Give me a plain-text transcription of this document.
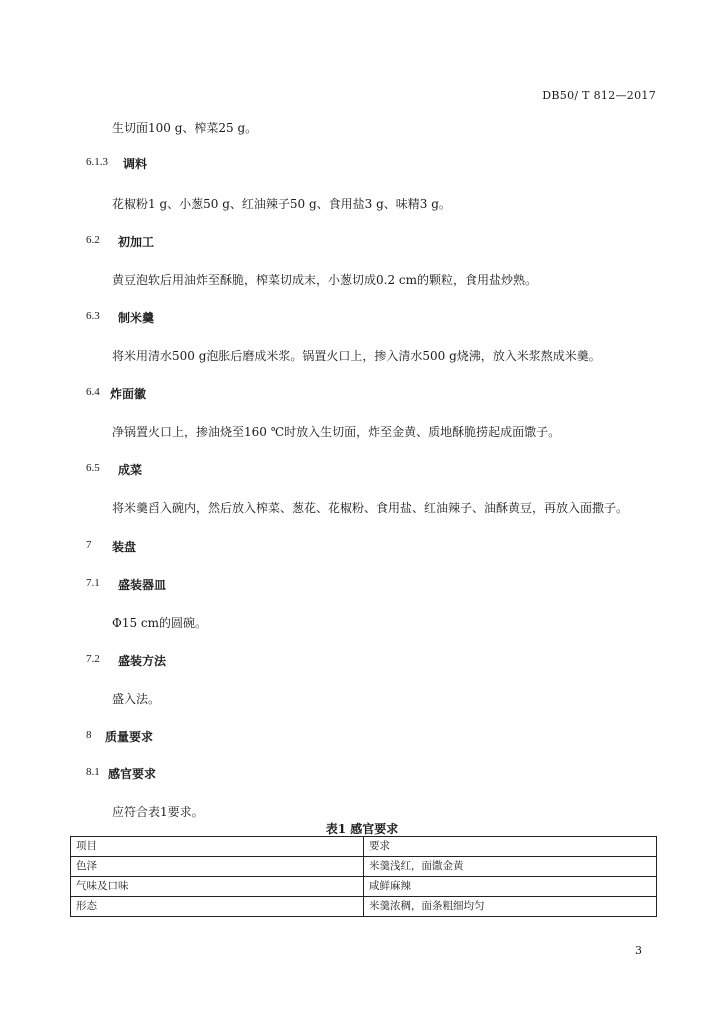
DB50/ T 812—2017
生切面100 g、榨菜25 g。
6.1.3 调料
花椒粉1 g、小葱50 g、红油辣子50 g、食用盐3 g、味精3 g。
6.2 初加工
黄豆泡软后用油炸至酥脆，榨菜切成末，小葱切成0.2 cm的颗粒，食用盐炒熟。
6.3 制米羹
将米用清水500 g泡胀后磨成米浆。锅置火口上，掺入清水500 g烧沸，放入米浆熬成米羹。
6.4 炸面徽
净锅置火口上，掺油烧至160 ℃时放入生切面，炸至金黄、质地酥脆捞起成面馓子。
6.5 成菜
将米羹舀入碗内，然后放入榨菜、葱花、花椒粉、食用盐、红油辣子、油酥黄豆，再放入面撒子。
7 装盘
7.1 盛装器皿
Φ15 cm的圆碗。
7.2 盛装方法
盛入法。
8 质量要求
8.1 感官要求
应符合表1要求。
表1 感官要求
项目	要求
色泽	米羹浅红，面馓金黄
气味及口味	咸鲜麻辣
形态	米羹浓稠，面条粗细均匀
3
